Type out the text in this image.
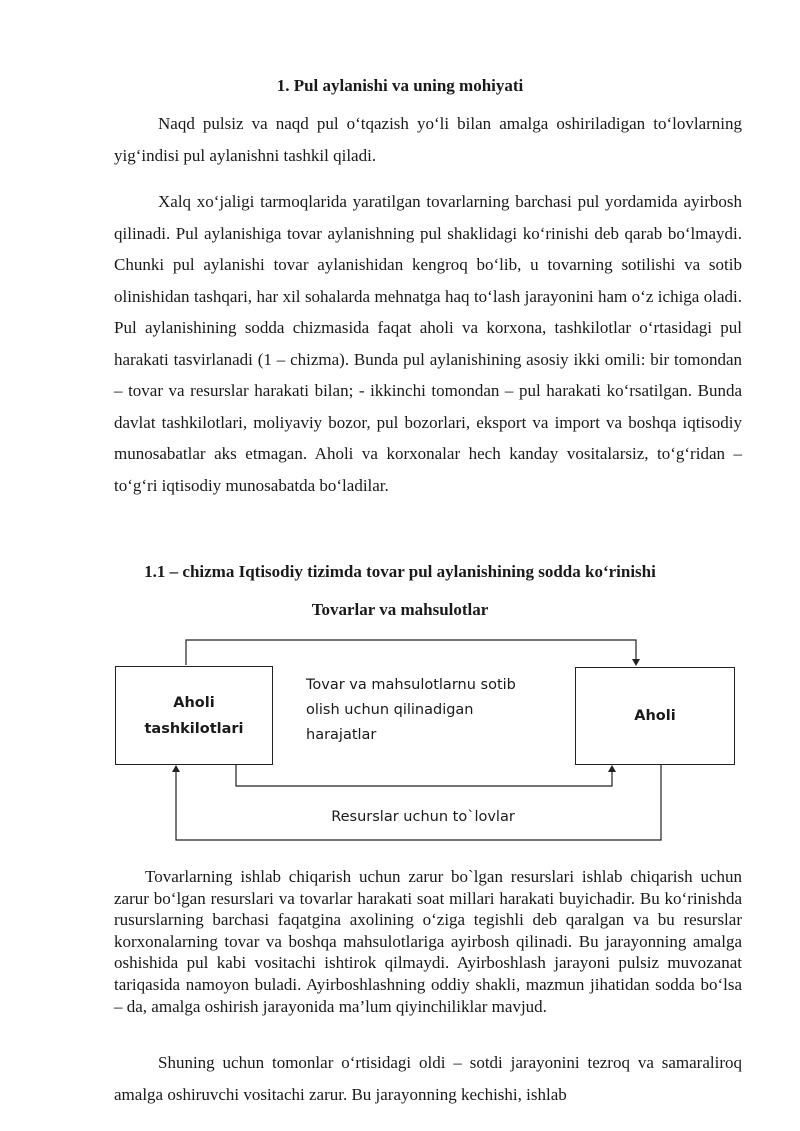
1. Pul aylanishi va uning mohiyati

Naqd pulsiz va naqd pul o‘tqazish yo‘li bilan amalga oshiriladigan to‘lovlarning yig‘indisi pul aylanishni tashkil qiladi.

Xalq xo‘jaligi tarmoqlarida yaratilgan tovarlarning barchasi pul yordamida ayirbosh qilinadi. Pul aylanishiga tovar aylanishning pul shaklidagi ko‘rinishi deb qarab bo‘lmaydi. Chunki pul aylanishi tovar aylanishidan kengroq bo‘lib, u tovarning sotilishi va sotib olinishidan tashqari, har xil sohalarda mehnatga haq to‘lash jarayonini ham o‘z ichiga oladi. Pul aylanishining sodda chizmasida faqat aholi va korxona, tashkilotlar o‘rtasidagi pul harakati tasvirlanadi (1 – chizma). Bunda pul aylanishining asosiy ikki omili: bir tomondan – tovar va resurslar harakati bilan; - ikkinchi tomondan – pul harakati ko‘rsatilgan. Bunda davlat tashkilotlari, moliyaviy bozor, pul bozorlari, eksport va import va boshqa iqtisodiy munosabatlar aks etmagan. Aholi va korxonalar hech kanday vositalarsiz, to‘g‘ridan – to‘g‘ri iqtisodiy munosabatda bo‘ladilar.

1.1 – chizma Iqtisodiy tizimda tovar pul aylanishining sodda ko‘rinishi
Tovarlar va mahsulotlar
Aholi tashkilotlari
Aholi
Tovar va mahsulotlarnu sotib olish uchun qilinadigan harajatlar
Resurslar uchun to`lovlar

Tovarlarning ishlab chiqarish uchun zarur bo`lgan resurslari ishlab chiqarish uchun zarur bo‘lgan resurslari va tovarlar harakati soat millari harakati buyichadir. Bu ko‘rinishda rusurslarning barchasi faqatgina axolining o‘ziga tegishli deb qaralgan va bu resurslar korxonalarning tovar va boshqa mahsulotlariga ayirbosh qilinadi. Bu jarayonning amalga oshishida pul kabi vositachi ishtirok qilmaydi. Ayirboshlash jarayoni pulsiz muvozanat tariqasida namoyon buladi. Ayirboshlashning oddiy shakli, mazmun jihatidan sodda bo‘lsa – da, amalga oshirish jarayonida ma’lum qiyinchiliklar mavjud.

Shuning uchun tomonlar o‘rtisidagi oldi – sotdi jarayonini tezroq va samaraliroq amalga oshiruvchi vositachi zarur. Bu jarayonning kechishi, ishlab
